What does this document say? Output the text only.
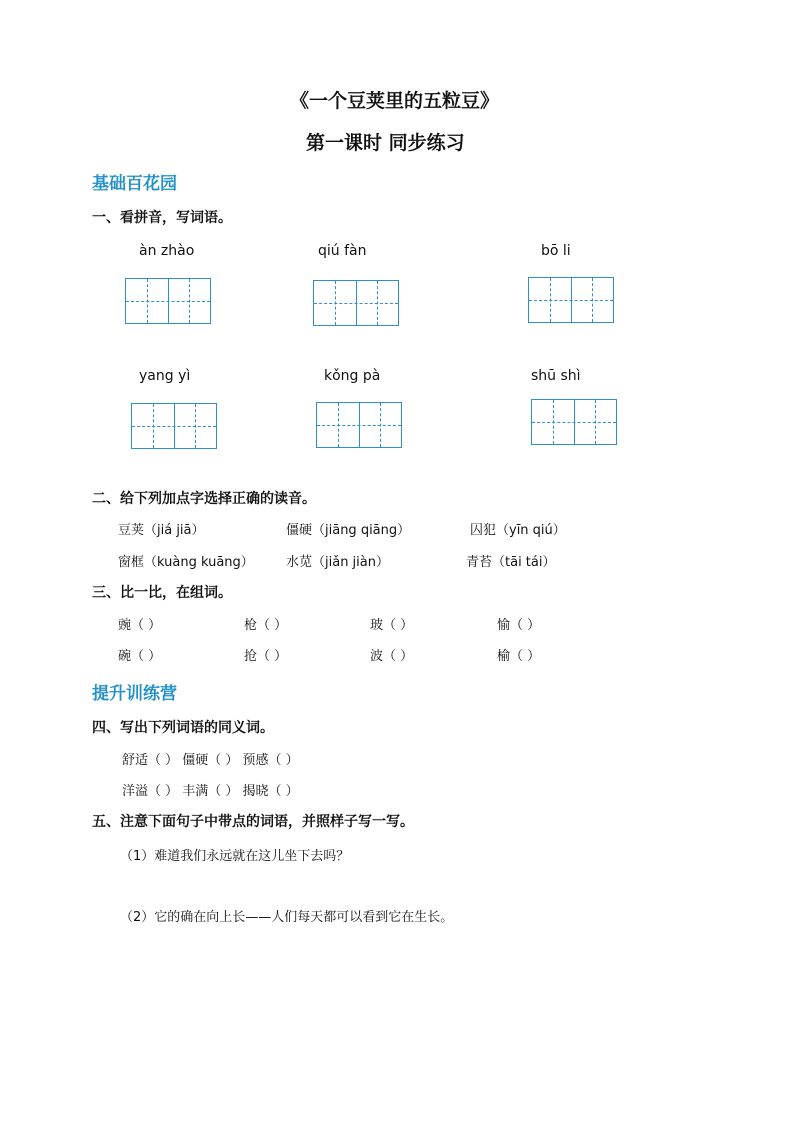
《一个豆荚里的五粒豆》
第一课时 同步练习
基础百花园
一、看拼音，写词语。
àn zhào	qiú fàn	bō li
yang yì	kǒng pà	shū shì
二、给下列加点字选择正确的读音。
豆荚（jiá jiā）	僵硬（jiāng qiāng）	囚犯（yīn qiú）
窗框（kuàng kuāng） 水苋（jiǎn jiàn）	青苔（tāi tái）
三、比一比，在组词。
豌（ ）	枪（ ）	玻（ ）	愉（ ）
碗（ ）	抢（ ）	波（ ）	榆（ ）
提升训练营
四、写出下列词语的同义词。
舒适（ ） 僵硬（ ） 预感（ ）
洋溢（ ） 丰满（ ） 揭晓（ ）
五、注意下面句子中带点的词语，并照样子写一写。
（1）难道我们永远就在这儿坐下去吗？
（2）它的确在向上长——人们每天都可以看到它在生长。
